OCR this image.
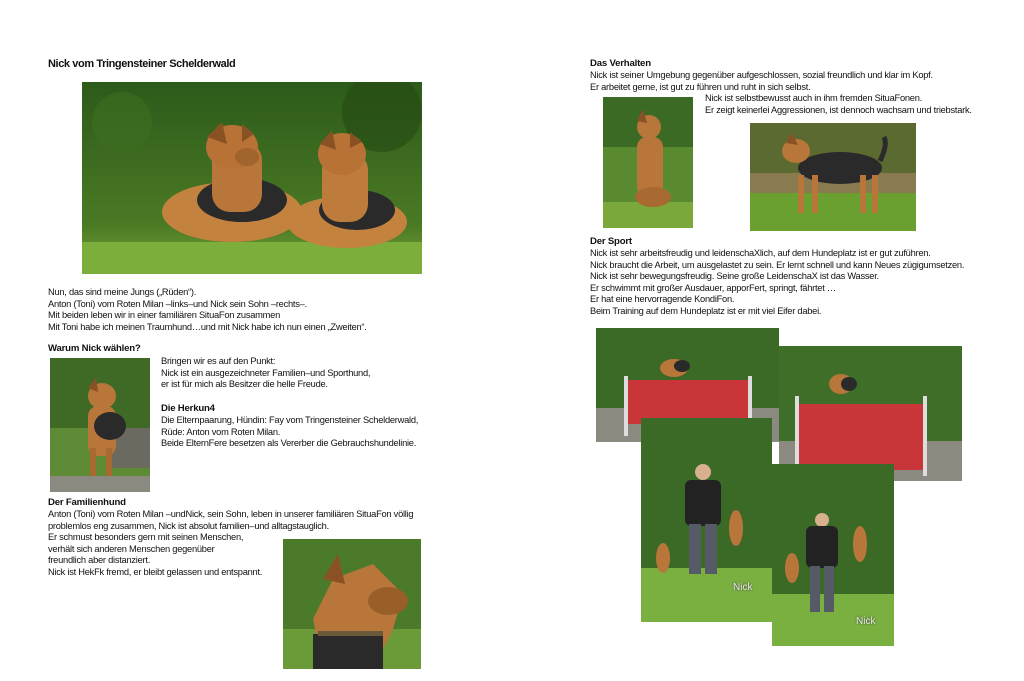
Nick vom Tringensteiner Schelderwald
Nun, das sind meine Jungs („Rüden“).
Anton (Toni) vom Roten Milan –links–und Nick sein Sohn –rechts–.
Mit beiden leben wir in einer familiären SituaFon zusammen
Mit Toni habe ich meinen Traumhund…und mit Nick habe ich nun einen „Zweiten“.
Warum Nick wählen?
Bringen wir es auf den Punkt:
Nick ist ein ausgezeichneter Familien–und Sporthund,
er ist für mich als Besitzer die helle Freude.
Die Herkun4
Die Elternpaarung, Hündin: Fay vom Tringensteiner Schelderwald,
Rüde: Anton vom Roten Milan.
Beide ElternFere besetzen als Vererber die Gebrauchshundelinie.
Der Familienhund
Anton (Toni) vom Roten Milan –undNick, sein Sohn, leben in unserer familiären SituaFon völlig
problemlos eng zusammen, Nick ist absolut familien–und alltagstauglich.
Er schmust besonders gern mit seinen Menschen,
verhält sich anderen Menschen gegenüber
freundlich aber distanziert.
Nick ist HekFk fremd, er bleibt gelassen und entspannt.
Das Verhalten
Nick ist seiner Umgebung gegenüber aufgeschlossen, sozial freundlich und klar im Kopf.
Er arbeitet gerne, ist gut zu führen und ruht in sich selbst.
Nick ist selbstbewusst auch in ihm fremden SituaFonen.
Er zeigt keinerlei Aggressionen, ist dennoch wachsam und triebstark.
Der Sport
Nick ist sehr arbeitsfreudig und leidenschaXlich, auf dem Hundeplatz ist er gut zuführen.
Nick braucht die Arbeit, um ausgelastet zu sein. Er lernt schnell und kann Neues zügigumsetzen.
Nick ist sehr bewegungsfreudig. Seine große LeidenschaX ist das Wasser.
Er schwimmt mit großer Ausdauer, apporFert, springt, fährtet …
Er hat eine hervorragende KondiFon.
Beim Training auf dem Hundeplatz ist er mit viel Eifer dabei.
Nick
Nick
